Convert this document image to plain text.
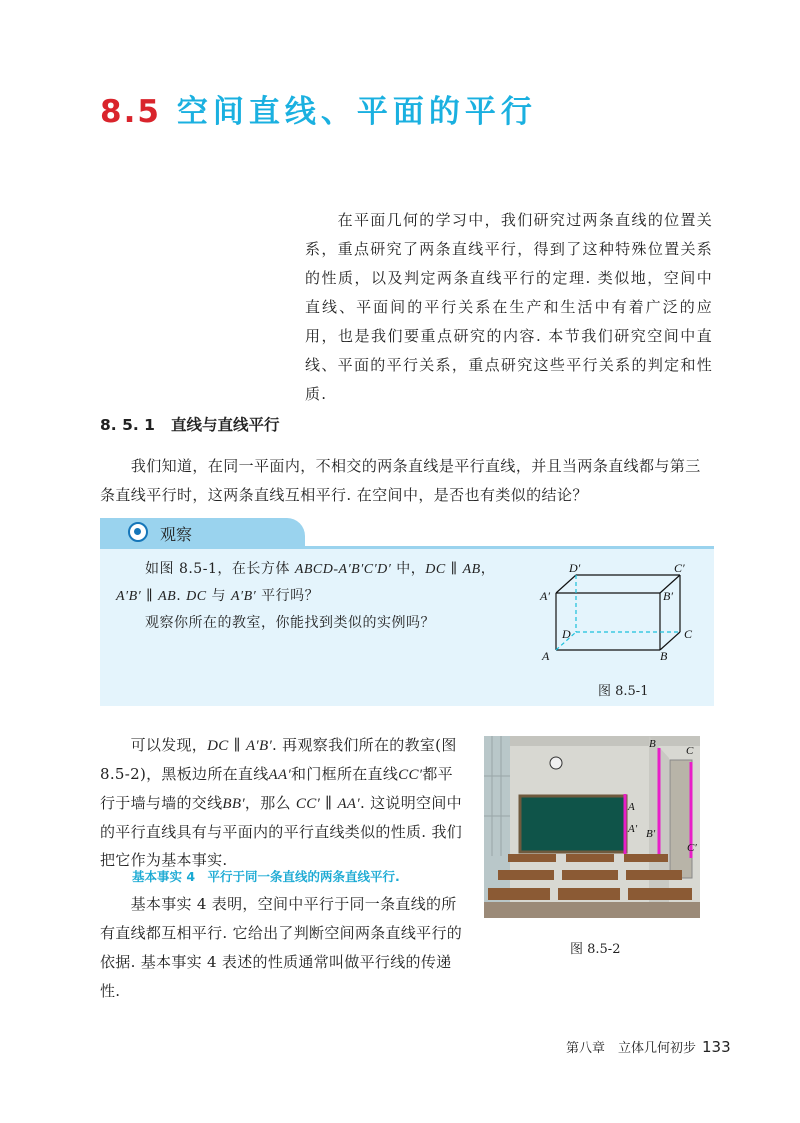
8.5 空间直线、平面的平行

　　在平面几何的学习中，我们研究过两条直线的位置关系，重点研究了两条直线平行，得到了这种特殊位置关系的性质，以及判定两条直线平行的定理. 类似地，空间中直线、平面间的平行关系在生产和生活中有着广泛的应用，也是我们要重点研究的内容. 本节我们研究空间中直线、平面的平行关系，重点研究这些平行关系的判定和性质.

8. 5. 1 直线与直线平行

　　我们知道，在同一平面内，不相交的两条直线是平行直线，并且当两条直线都与第三条直线平行时，这两条直线互相平行. 在空间中，是否也有类似的结论？

观察

　　如图 8.5-1，在长方体 ABCD-A′B′C′D′ 中，DC ∥ AB，
A′B′ ∥ AB. DC 与 A′B′ 平行吗？
　　观察你所在的教室，你能找到类似的实例吗？

A	B
C
D
A′	B′
C′
D′
图 8.5-1

　　可以发现，DC ∥ A′B′. 再观察我们所在的教室(图8.5-2)，黑板边所在直线AA′和门框所在直线CC′都平行于墙与墙的交线BB′，那么 CC′ ∥ AA′. 这说明空间中的平行直线具有与平面内的平行直线类似的性质. 我们把它作为基本事实.

基本事实 4　平行于同一条直线的两条直线平行.

　　基本事实 4 表明，空间中平行于同一条直线的所有直线都互相平行. 它给出了判断空间两条直线平行的依据. 基本事实 4 表述的性质通常叫做平行线的传递性.

A
A′
B
B′
C
C′
图 8.5-2
第八章　立体几何初步 133
